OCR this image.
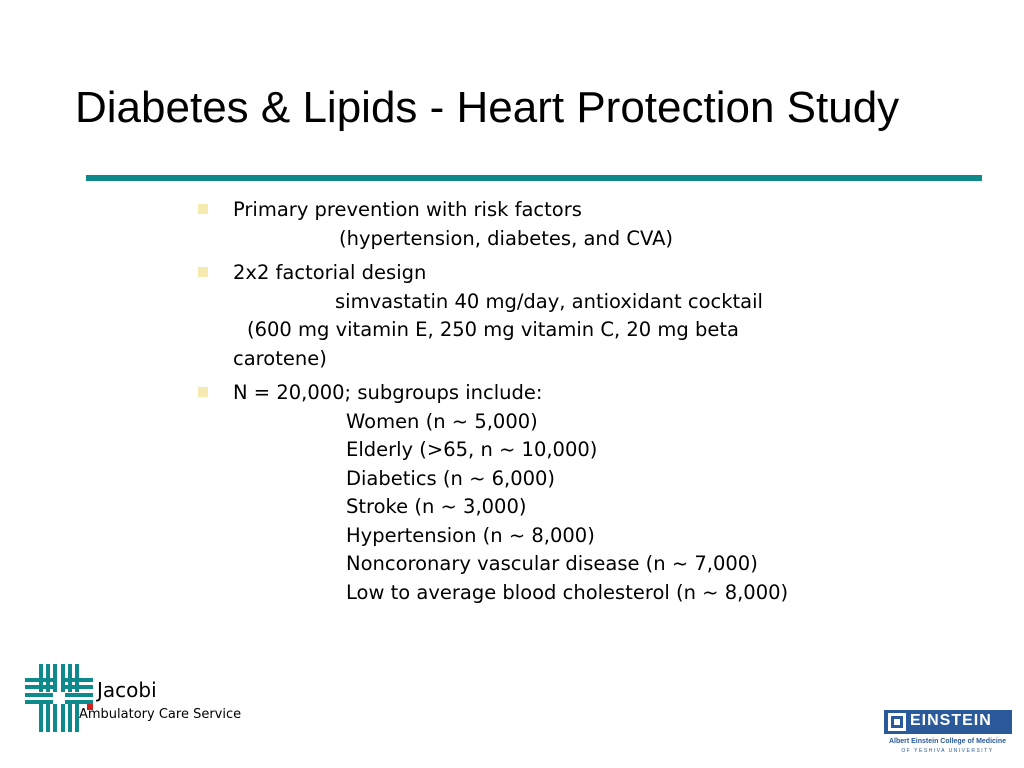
Diabetes & Lipids - Heart Protection Study
Primary prevention with risk factors
(hypertension, diabetes, and CVA)
2x2 factorial design
simvastatin 40 mg/day, antioxidant cocktail
(600 mg vitamin E, 250 mg vitamin C, 20 mg beta
carotene)
N = 20,000; subgroups include:
Women (n ~ 5,000)
Elderly (>65, n ~ 10,000)
Diabetics (n ~ 6,000)
Stroke (n ~ 3,000)
Hypertension (n ~ 8,000)
Noncoronary vascular disease (n ~ 7,000)
Low to average blood cholesterol (n ~ 8,000)
Jacobi
Ambulatory Care Service	EINSTEIN
Albert Einstein College of Medicine
OF YESHIVA UNIVERSITY
